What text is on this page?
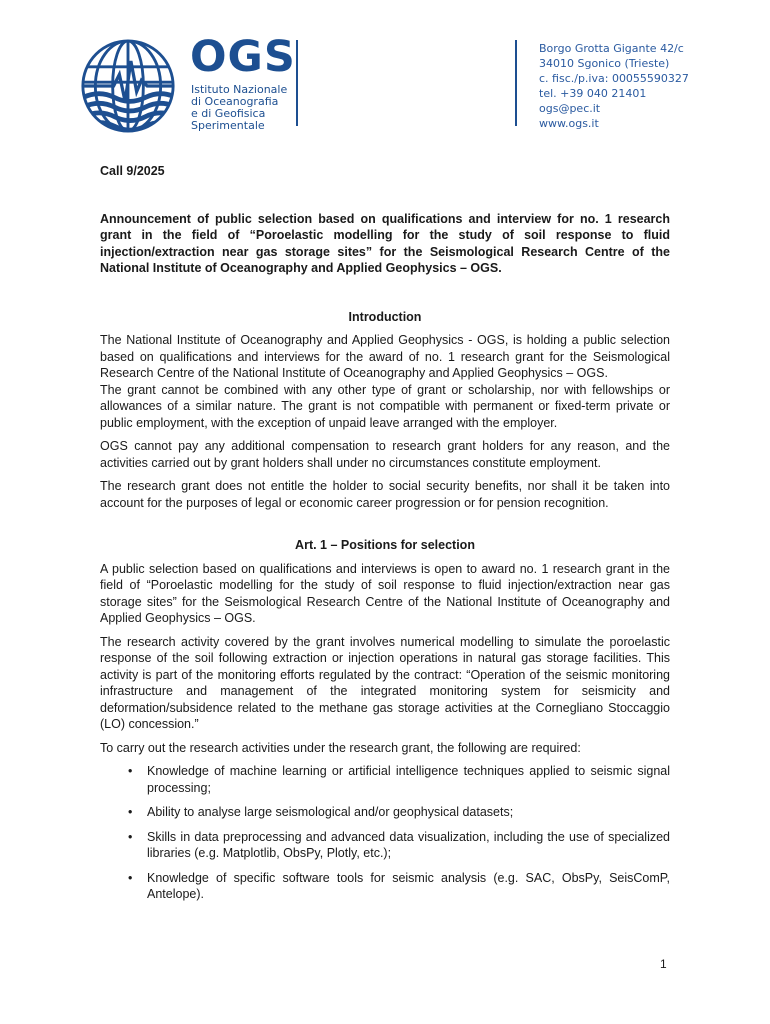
OGS
Istituto Nazionale
di Oceanografia
e di Geofisica
Sperimentale
Borgo Grotta Gigante 42/c
34010 Sgonico (Trieste)
c. fisc./p.iva: 00055590327
tel. +39 040 21401
ogs@pec.it
www.ogs.it
Call 9/2025
Announcement of public selection based on qualifications and interview for no. 1 research grant in the field of “Poroelastic modelling for the study of soil response to fluid injection/extraction near gas storage sites” for the Seismological Research Centre of the National Institute of Oceanography and Applied Geophysics – OGS.
Introduction

The National Institute of Oceanography and Applied Geophysics - OGS, is holding a public selection based on qualifications and interviews for the award of no. 1 research grant for the Seismological Research Centre of the National Institute of Oceanography and Applied Geophysics – OGS.

The grant cannot be combined with any other type of grant or scholarship, nor with fellowships or allowances of a similar nature. The grant is not compatible with permanent or fixed-term private or public employment, with the exception of unpaid leave arranged with the employer.

OGS cannot pay any additional compensation to research grant holders for any reason, and the activities carried out by grant holders shall under no circumstances constitute employment.

The research grant does not entitle the holder to social security benefits, nor shall it be taken into account for the purposes of legal or economic career progression or for pension recognition.

Art. 1 – Positions for selection

A public selection based on qualifications and interviews is open to award no. 1 research grant in the field of “Poroelastic modelling for the study of soil response to fluid injection/extraction near gas storage sites” for the Seismological Research Centre of the National Institute of Oceanography and Applied Geophysics – OGS.

The research activity covered by the grant involves numerical modelling to simulate the poroelastic response of the soil following extraction or injection operations in natural gas storage facilities. This activity is part of the monitoring efforts regulated by the contract: “Operation of the seismic monitoring infrastructure and management of the integrated monitoring system for seismicity and deformation/subsidence related to the methane gas storage activities at the Cornegliano Stoccaggio (LO) concession.”

To carry out the research activities under the research grant, the following are required:

• Knowledge of machine learning or artificial intelligence techniques applied to seismic signal processing;
• Ability to analyse large seismological and/or geophysical datasets;
• Skills in data preprocessing and advanced data visualization, including the use of specialized libraries (e.g. Matplotlib, ObsPy, Plotly, etc.);
• Knowledge of specific software tools for seismic analysis (e.g. SAC, ObsPy, SeisComP, Antelope).
1
